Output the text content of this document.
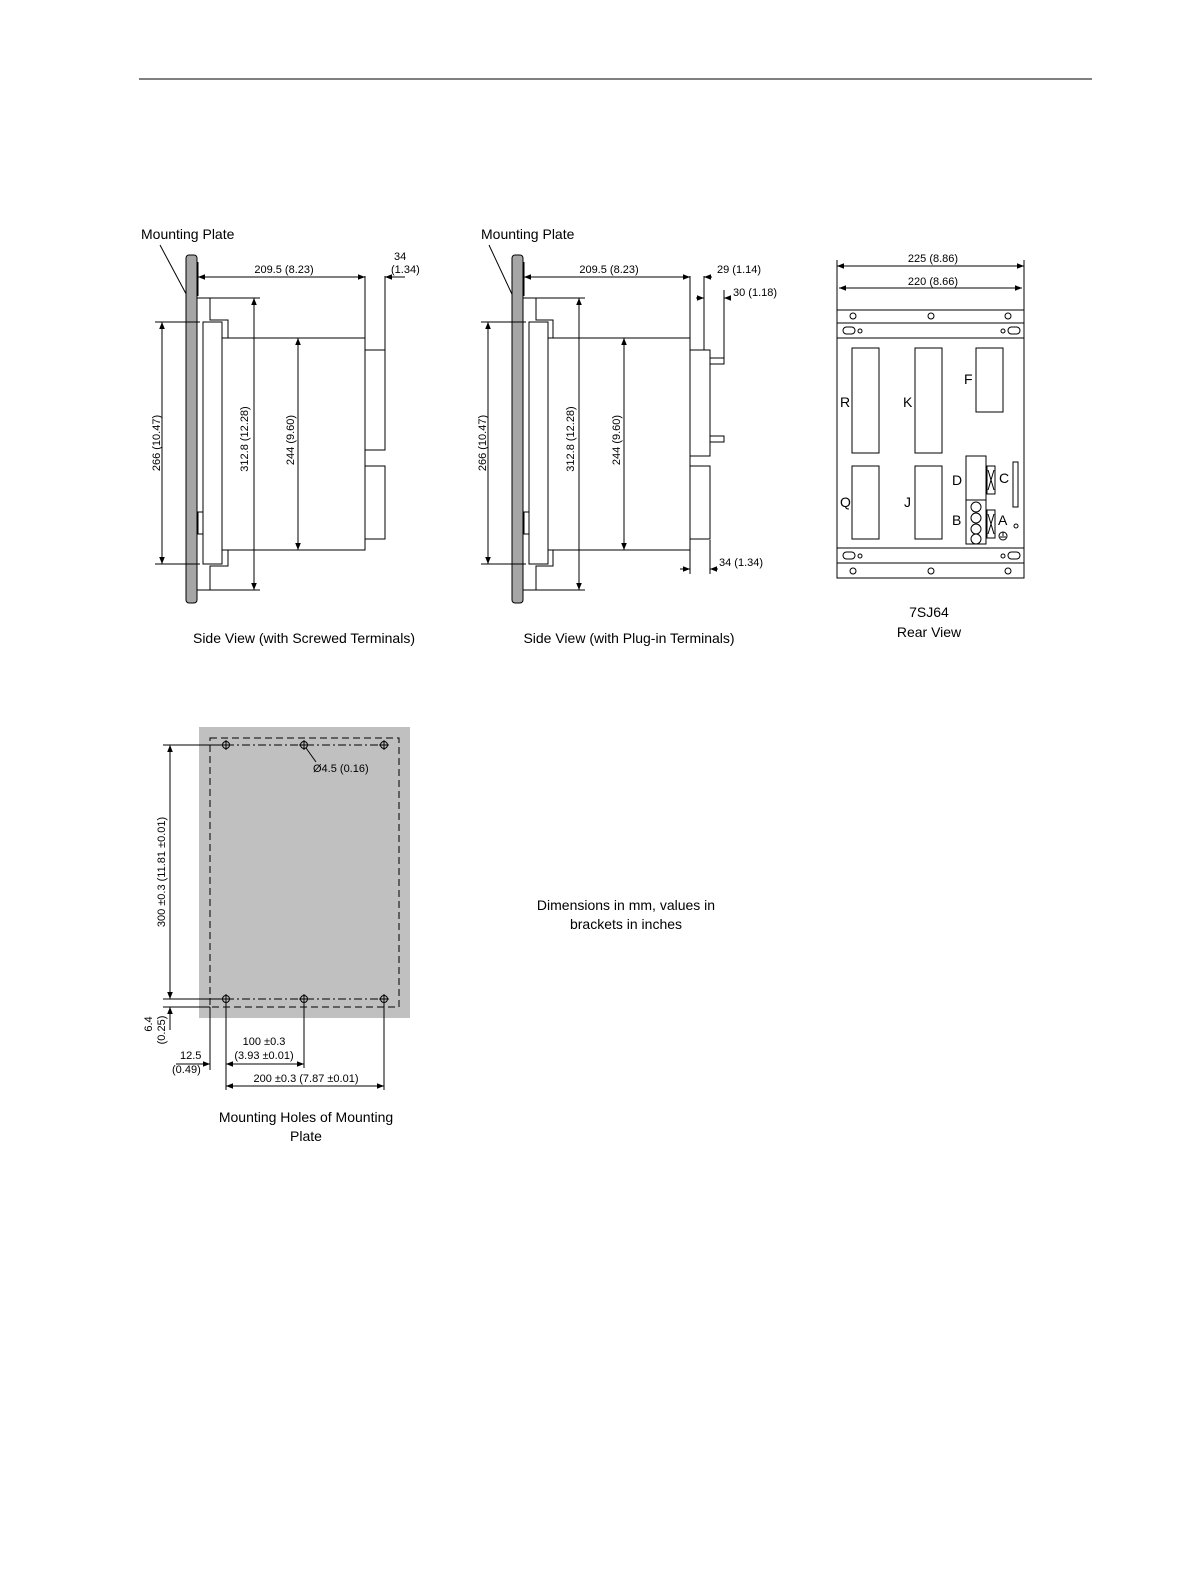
Mounting Plate
209.5 (8.23)
34
(1.34)
266 (10.47)	312.8 (12.28)	244 (9.60)
Side View (with Screwed Terminals)
Mounting Plate
209.5 (8.23)	29 (1.14)
30 (1.18)
34 (1.34)
266 (10.47)	312.8 (12.28)	244 (9.60)
Side View (with Plug-in Terminals)
225 (8.86)
220 (8.66)
R	K
F
Q	J
D	C
B	A
7SJ64
Rear View
Ø4.5 (0.16)
300 ±0.3 (11.81 ±0.01)
6.4 (0.25)
12.5
(0.49)
100 ±0.3
(3.93 ±0.01)
200 ±0.3 (7.87 ±0.01)
Mounting Holes of Mounting
Plate
Dimensions in mm, values in
brackets in inches
